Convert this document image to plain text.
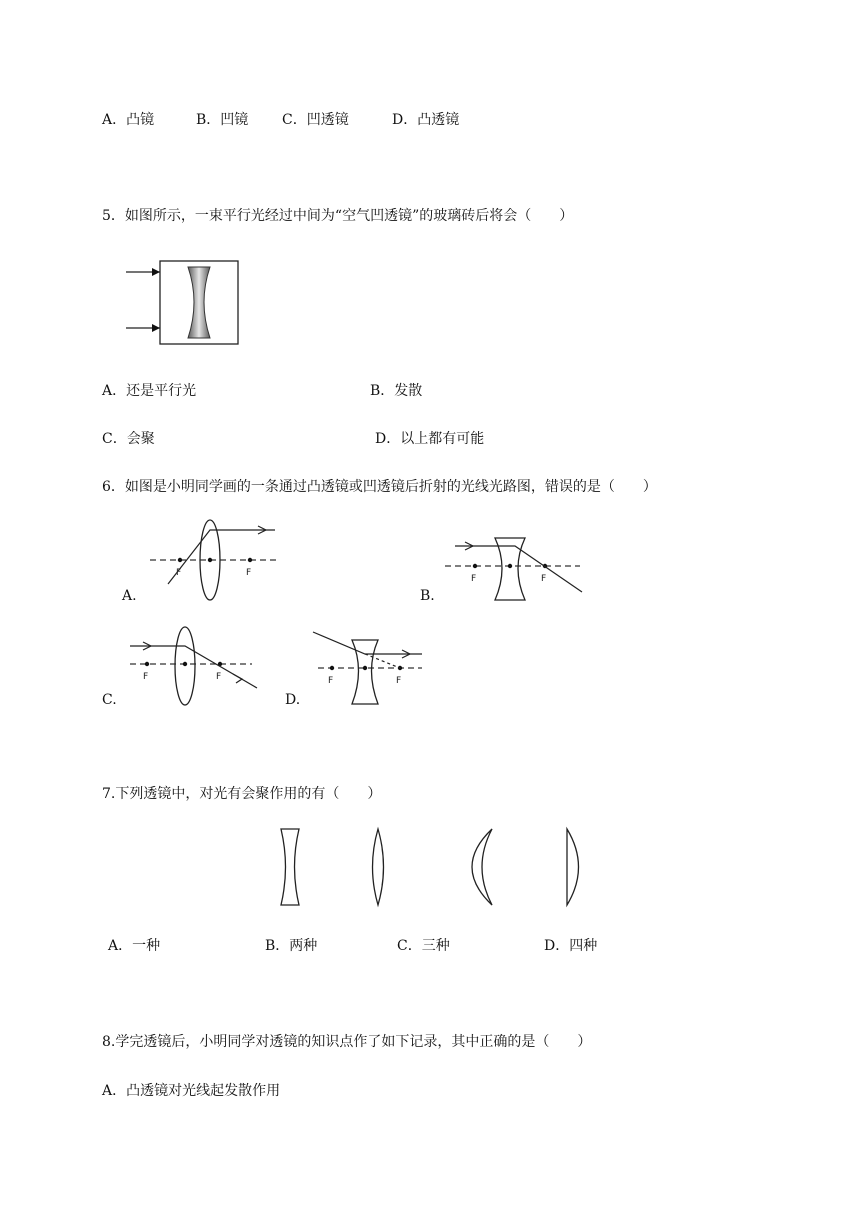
A．凸镜	B．凹镜 C．凹透镜	D．凸透镜
5．如图所示，一束平行光经过中间为“空气凹透镜”的玻璃砖后将会（　　）
A．还是平行光	B．发散
C．会聚	D．以上都有可能
6．如图是小明同学画的一条通过凸透镜或凹透镜后折射的光线光路图，错误的是（　　）
F	F
A.
F	F
B.
F	F
C.
F	F
D.
7.下列透镜中，对光有会聚作用的有（　　）
A．一种	B．两种	C．三种	D．四种
8.学完透镜后，小明同学对透镜的知识点作了如下记录，其中正确的是（　　）
A．凸透镜对光线起发散作用
